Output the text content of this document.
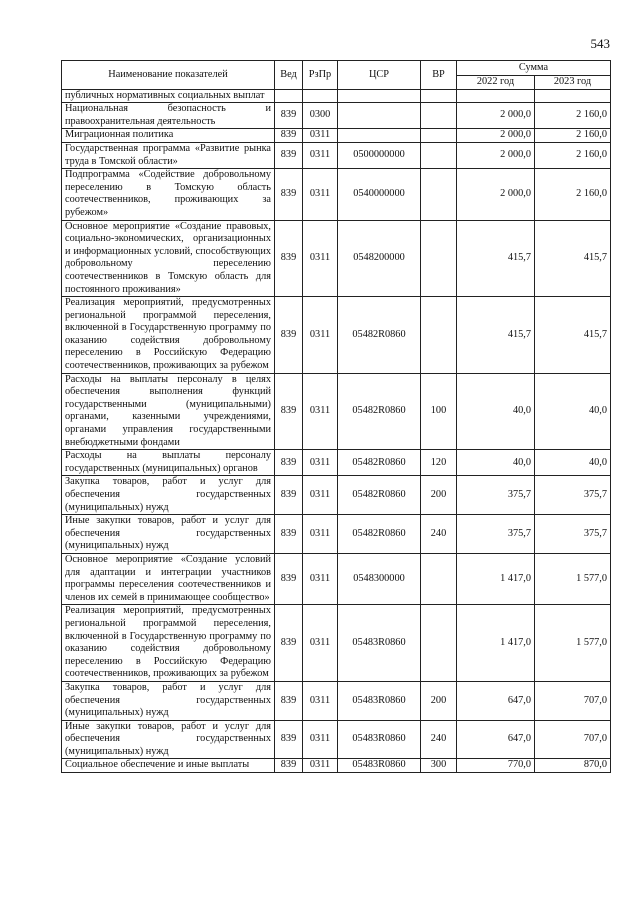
543
Наименование показателей	Вед	РзПр	ЦСР	ВР	Сумма	
					2022 год	2023 год
публичных нормативных социальных выплат						
Национальная безопасность и правоохранительная деятельность	839	0300			2 000,0	2 160,0
Миграционная политика	839	0311			2 000,0	2 160,0
Государственная программа «Развитие рынка труда в Томской области»	839	0311	0500000000		2 000,0	2 160,0
Подпрограмма «Содействие добровольному переселению в Томскую область соотечественников, проживающих за рубежом»	839	0311	0540000000		2 000,0	2 160,0
Основное мероприятие «Создание правовых, социально-экономических, организационных и информационных условий, способствующих добровольному переселению соотечественников в Томскую область для постоянного проживания»	839	0311	0548200000		415,7	415,7
Реализация мероприятий, предусмотренных региональной программой переселения, включенной в Государственную программу по оказанию содействия добровольному переселению в Российскую Федерацию соотечественников, проживающих за рубежом	839	0311	05482R0860		415,7	415,7
Расходы на выплаты персоналу в целях обеспечения выполнения функций государственными (муниципальными) органами, казенными учреждениями, органами управления государственными внебюджетными фондами	839	0311	05482R0860	100	40,0	40,0
Расходы на выплаты персоналу государственных (муниципальных) органов	839	0311	05482R0860	120	40,0	40,0
Закупка товаров, работ и услуг для обеспечения государственных (муниципальных) нужд	839	0311	05482R0860	200	375,7	375,7
Иные закупки товаров, работ и услуг для обеспечения государственных (муниципальных) нужд	839	0311	05482R0860	240	375,7	375,7
Основное мероприятие «Создание условий для адаптации и интеграции участников программы переселения соотечественников и членов их семей в принимающее сообщество»	839	0311	0548300000		1 417,0	1 577,0
Реализация мероприятий, предусмотренных региональной программой переселения, включенной в Государственную программу по оказанию содействия добровольному переселению в Российскую Федерацию соотечественников, проживающих за рубежом	839	0311	05483R0860		1 417,0	1 577,0
Закупка товаров, работ и услуг для обеспечения государственных (муниципальных) нужд	839	0311	05483R0860	200	647,0	707,0
Иные закупки товаров, работ и услуг для обеспечения государственных (муниципальных) нужд	839	0311	05483R0860	240	647,0	707,0
Социальное обеспечение и иные выплаты	839	0311	05483R0860	300	770,0	870,0
